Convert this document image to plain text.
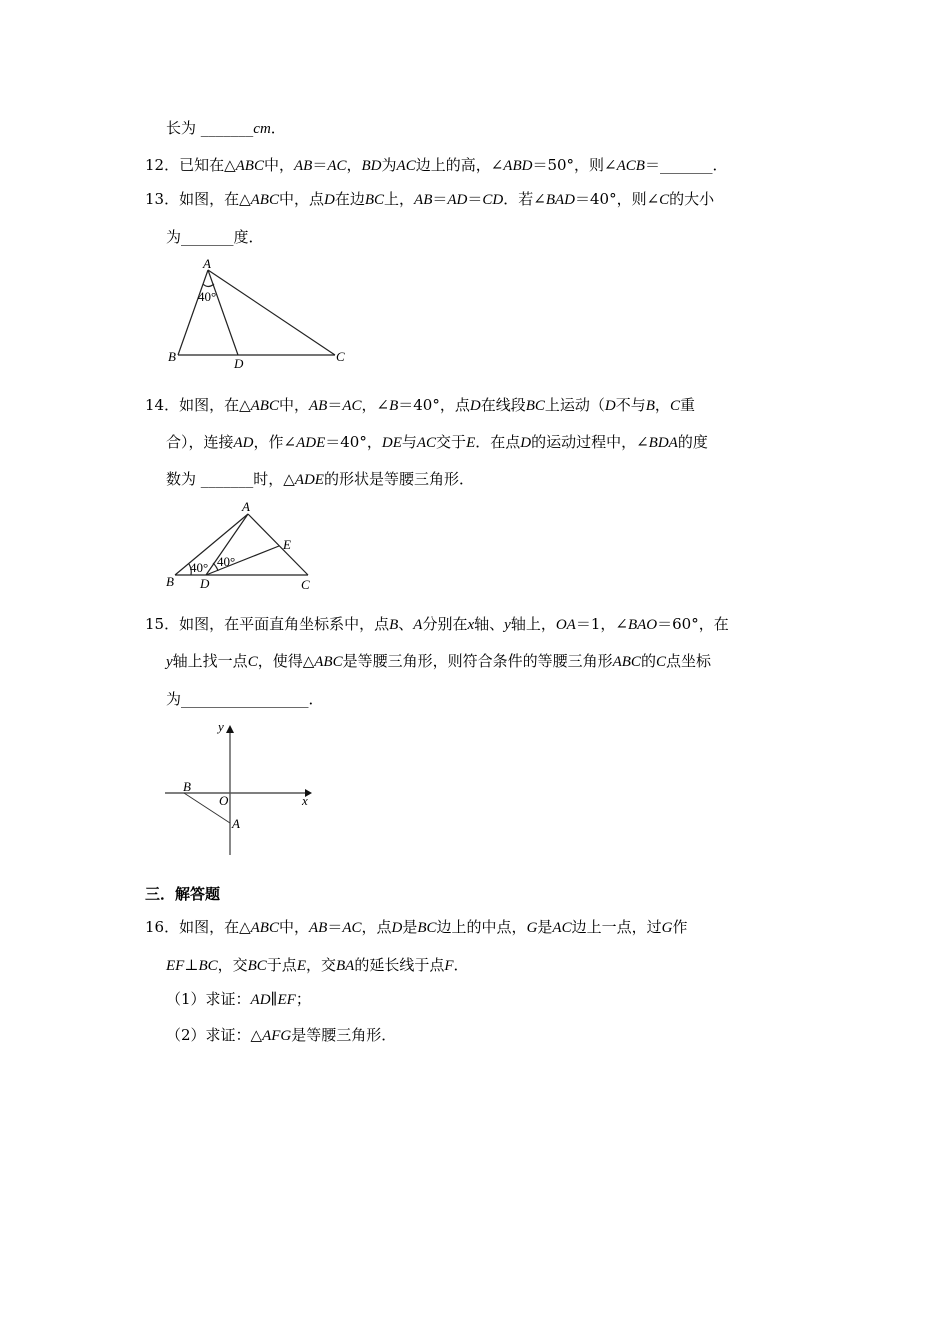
长为 _______cm．
12．已知在△ABC中，AB＝AC，BD为AC边上的高，∠ABD＝50°，则∠ACB＝_______．
13．如图，在△ABC中，点D在边BC上，AB＝AD＝CD．若∠BAD＝40°，则∠C的大小
为_______度．
14．如图，在△ABC中，AB＝AC，∠B＝40°，点D在线段BC上运动（D不与B，C重
合），连接AD，作∠ADE＝40°，DE与AC交于E．在点D的运动过程中，∠BDA的度
数为 _______时，△ADE的形状是等腰三角形．
15．如图，在平面直角坐标系中，点B、A分别在x轴、y轴上，OA＝1，∠BAO＝60°，在
y轴上找一点C，使得△ABC是等腰三角形，则符合条件的等腰三角形ABC的C点坐标
为_________________．
三．解答题
16．如图，在△ABC中，AB＝AC，点D是BC边上的中点，G是AC边上一点，过G作
EF⊥BC，交BC于点E，交BA的延长线于点F．
（1）求证：AD∥EF；
（2）求证：△AFG是等腰三角形．
A
B	C
D
40°
A
B	C
D
E
40° 40°
y
x
O
A
B
